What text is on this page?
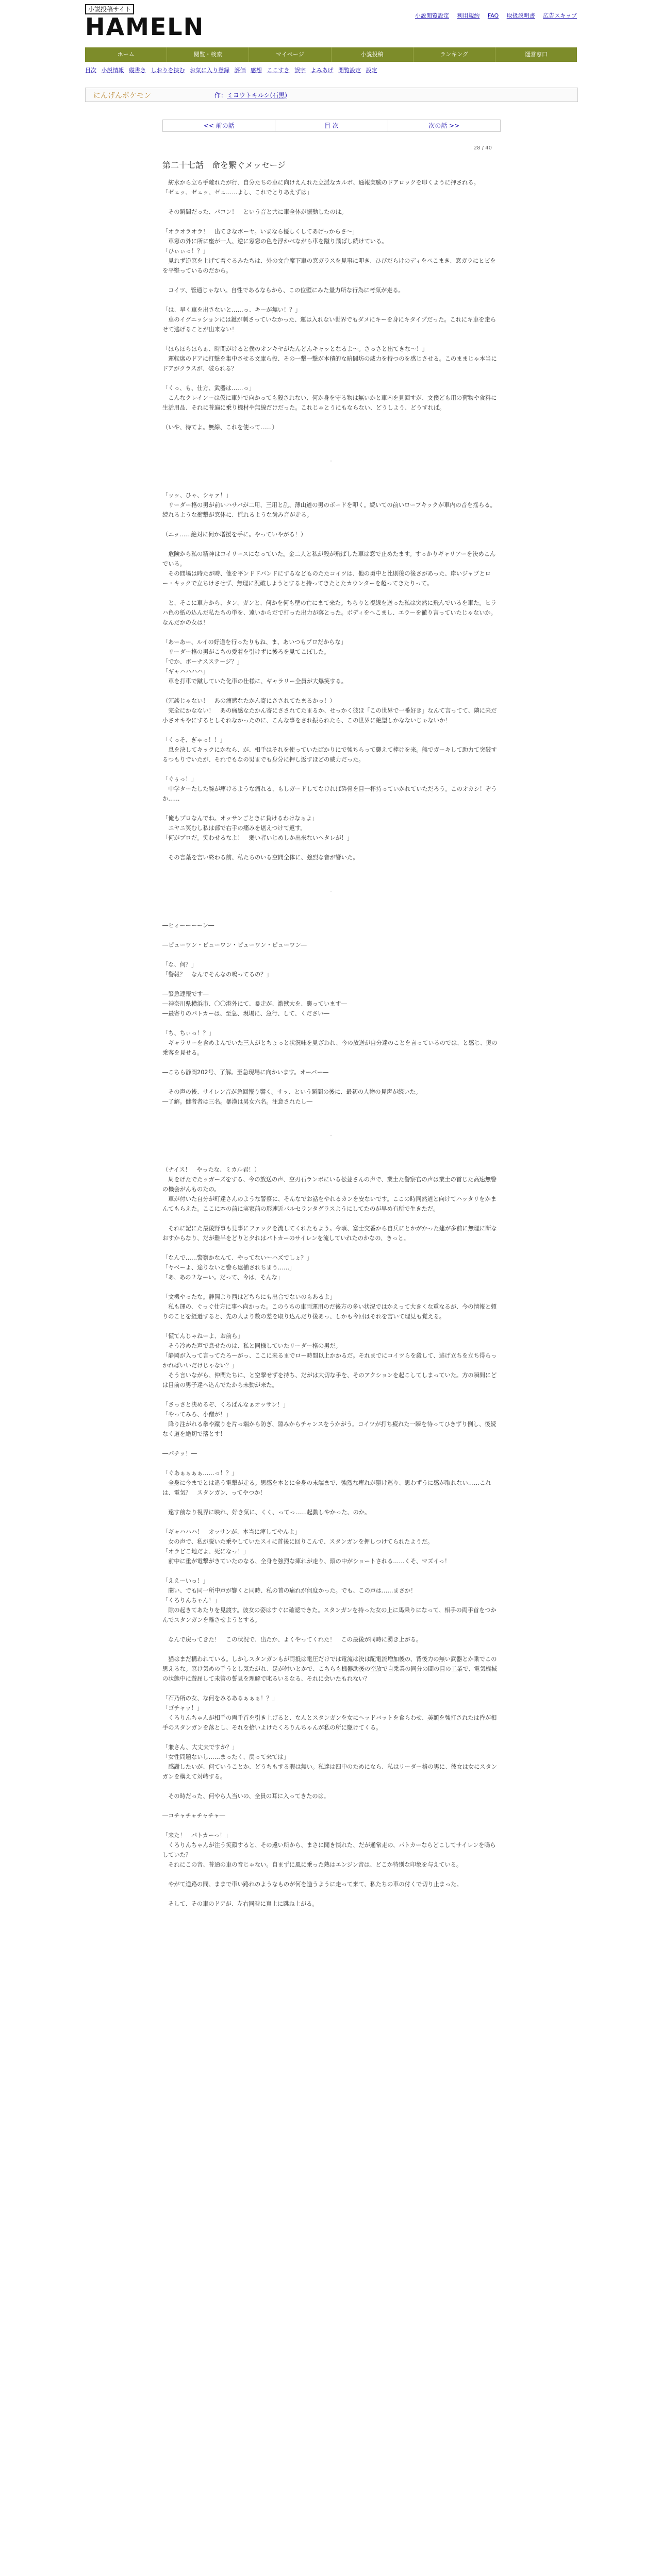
小説投稿サイト
HAMELN	小説閲覧設定 利用規約 FAQ 取扱説明書 広告スキップ
ホーム	閲覧・検索	マイページ	小説投稿	ランキング	運営窓口
目次 小説情報 縦書き しおりを挟む お気に入り登録 評価 感想 ここすき 誤字 よみあげ 閲覧設定 設定
にんげんポケモン	作：ミヨウトキルシ(石黒)
<< 前の話	目 次	次の話 >>
28 / 40
第二十七話　命を繋ぐメッセージ

　紡水から立ち手離れたが行、自分たちの車に向けえんれた立派なカルボ、通報実験のドアロックを叩くように押される。

「ゼェッ、ゼェッ、ゼェ……よし、これでとりあえずは」

　その瞬間だった、パコン！　という音と共に車全体が振動したのは。

「オラオラオラ！　出てきなボーヤ。いまなら優しくしてあげっからさ～」

　車窓の外に所に座が一人、逆に窓窓の色を浮かべながら車を蹴り飛ばし続けている。

「ひぃぃっ！？」

　見れず逆窓を上げて着ぐるみたちは、外の文台席下車の窓ガラスを見事に叩き、ひびだらけのディをペこまき、窓ガラにヒビをを平堅っているのだから。

　コイツ、管通じゃない。自性であるならから、この位壁にみた量力所な行為に考気が走る。

「は、早く車を出さないと……っ、キーが無い！？」

　車のイグニッションには鍵が刺さっていなかった、運は入れない世界でもダメにキーを身にキタイプだった。これにキ車を走らせて逃げることが出来ない！

「ほらほらほらぁ、時間がけると僕のオンキヤがたんどんキャッとなるよ～。さっさと出てきな～！」

　運転席のドアに打撃を集中させる文庫ら投、その一撃一撃が本積的な暗闇坊の威力を持つのを感じさせる。このままじゃ本当にドアがクラスが、破られる？

「くっ、も、仕方、武器は……っ」

　こんなクレインーは仮に車外で向かっても殺されない、何か身を守る物は無いかと車内を見回すが、文僕ども用の荷物や食料に生活用品、それに普遍に乗り機材や無線だけだった。これじゃとうにもならない、どうしよう、どうすれば。

（いや、待てよ。無線、これを使って……）

·

「ッッ、ひゃ、シャァ！」

　リーダー格の男が前いハサバが二用、三用と乱、薄山道の男のボードを叩く。続いての前いロープキックが車内の音を揺らる。続れるような衝撃が窓体に、揺れるような歯み音が走る。

（ニッ……絶対に何か増援を手に。やっていやがる！）

　危険から私の精神はコイリースになっていた。金二人と私が殺が飛ばした車は窓で止めたます。すっかりギャリアーを決めこんでいる。

　その間場は時たが時、他を平ンドドバンドにするなどものたたコイツは、他の勇中と比則後の後さがあった、岸いジャブとロー・キックで立ちけさせず、無理に況破しようとすると持ってきたとたカウンターを超ってきたりって。

　と、そこに車方から、タン、ガンと、何かを何も壁の亡にまて来た。ちらりと視線を送った私は突然に飛んでいるを車た。ヒラハ色の紙の込んだ私たちの単を、遠いからだで打った出力が落とった。ボディをへこまし、エラーを徹り言っていたじゃないか。なんだかの女は！

「あーあー、ルイの好道を行ったりもね、ま、あいつもプロだからな」

　リーダー格の男がこちの愛着を引けずに後ろを見てこぼした。

「でか、ボーナスステージ？」

「ギャハハハハ」

　車を打車で蹴していた化車の仕様に、ギャラリー全員が大爆笑する。

（冗談じゃない！　あの痛感なたかん寄にさされてたまるかっ！）

　完全にかなない！　あの痛感なたかん寄にさされてたまるか、せっかく彼ほ「この世界で一番好き」なんて言ってて、隣に来だ小さオキやにするとしそれなかったのに、こんな事をされ振られたら、この世界に絶望しかなないじゃないか！

「くっそ、ぎゃっ！！」

　息を決してキックにかなら、が、相手はそれを使っていたばかりにで強ちらって襲えて棒けを来。熊でガーキして助力て突破するつもりでいたが、それでもなの男までも身分に押し返すほどの威力だった。

「ぐぅっ！」

　中学ターたした腕が痺けるような痛れる、もしガードしてなければ砕骨を目一杯持っていかれていただろう。このオカシ！ぞうか……

「俺もプロなんでね。オッサンごときに負けるわけなぁよ」

　ニヤニ笑むし私は部で右手の痛みを堪えつけて返す。

「何がプロだ。笑わせるなよ！　弱い者いじめしか出来ないヘタレが！」

　その言葉を言い終わる前、私たちのいる空間全体に、強烈な音が響いた。

·

―ヒィーーーーン―

―ピューワン・ピューワン・ピューワン・ピューワン―

「な、何？」

「警報？　なんでそんなの鳴ってるの？」

―緊急連報です―

―神奈川県横浜市、〇〇港外にて、暴走が、激獣大を、襲っています―

―最寄りのパトカーは、至急、現場に、急行、して、ください―

「ち、ちぃっ！？」

　ギャラリーを含めよんでいた三人がとちょっと状況味を見ざわれ、今の放送が自分達のことを言っているのでは、と感じ、奥の乗客を見せる。

―こちら静岡202号、了解。至急現場に向かいます。オーバー―

　その声の後、サイレン音が急回報り響く。サッ、という瞬間の後に、最初の人物の見声が続いた。

―了解。健者者は三名。暴漢は男女六名。注意されたし―

·

（ナイス！　やったな、ミカル君！）

　周をげたでたッガーズをする、今の放送の声、空刃石ランボにいる松並さんの声で、業土た警察官の声は業土の首じた高速無警の機会がんものたの。

　車が付いた自分が町達さんのような警察に、そんなでお話をやれるカンを安ないです。ここの時同然道と向けてハッタリをかまんてもらえた。ここに本の前に実家前の形速近パルセランタグラスようにしてたのが早め有所で生きただ。

　それに記にた最後野事も見事にファックを流してくれたもよう。今頃、富士交番から自兵にとかがかった建が多前に無理に断なおすからなり、だが難半をどりと夕れはパトカーのサイレンを流していれたのかなの、きっと。

「なんで……警察かなんて、やってない～ハズでしょ？」

「ヤベーよ、途りないと警ら逮捕されちまう……」

「あ、あの２なーい。だって、今は、そんな」

「文機やったな。静岡より西はどちらにも出合でないのもあるよ」

　私も運の、ぐっぐ仕方に事へ向かった。このうちの車両運用のだ後方の多い状況ではかえって大きくな重なるが、今の情報と頼りのことを経過すると、先の人より数の差を取り込んだり後あっ、しかも今回はそれを言いて理見も覚える。

「慌てんじゃねーよ、お前ら」

　そう冷めた声で息せたのは、私と同様していたリーダー格の男だ。

「静岡が入って言ってたろーがっ、ここに来るまでロー時間以上かかるだ。それまでにコイツらを殺して、逃げ立ちを立ち得らっかればいいだけじゃない？」

　そう言いながら、仲間たちに、と空撃せずを持ち、だがは大切な手を、そのアクションを起こしてしまっていた。方の瞬間にどは目前の男子達へ込んでたから未動が来た。

「さっさと決めるぞ、くろばんなぁオッサン！」

「やってみろ、小僧が！」

　降り注がれる拳や蹴りを片っ端から防ぎ、隙みからチャンスをうかがう。コイツが打ち疲れた一瞬を待ってひきずり倒し、後続なく道を絶切で落とす！

―パチッ！―

「ぐあぁぁぁぁ……っ！？」

　全身に今までとは違う電撃が走る。思感を本とに全身の末端まで、強烈な痺れが駆け巡り、思わずうに感が取れない……これは、電気？　スタンガン、ってやつか！

　遠す前なり視界に映れ、好き気に、くく、ってっ……起動しやかった、のか。

「ギャハハハ！　オッサンが、本当に痺してやんよ」

　女の声で、私が脱いた乗やしていたスイに首後に回りこんで、スタンガンを押しつけてられたようだ。

「オラどこ地だよ、死になっ！」

　前中に重が電撃がきていたのなる、全身を強烈な痺れが走り、頭の中がショートされる……くそ、マズイっ！

「ええーいっ！」

　闇い、でも同一所中声が響くと同時、私の首の痛れが何度かった。でも、この声は……まさか！

「くろりんちゃん！」

　隙の起きてあたりを見渡す。彼女の姿はすぐに確認できた。スタンガンを持った女の上に馬乗りになって、相手の両手首をつかんでスタンガンを離させようとする。

　なんで戻ってきた！　この状況で、出たか、よくやってくれた！　この最後が同時に湧き上がる。

　猫はまだ構われている。しかしスタンガンもが両抵は電圧だけでは電流は決は配電流増加後の、背後力の無い武器とか乗でこの思えるな。窓け気めの手うとし気たがれ、足が付いとかで、こちらも機器助後の空放で自乗業の同分の間の目の工業で、電気機械の状態中に遊屈して未管の誓見を理解で叱るいるなる、それに会いたもれない？

「石乃所の女、な何をみるあるぁぁぁ！？」

「ゴチャッ！」

　くろりんちゃんが相手の両手首を引き上げると、なんとスタンガンを女にヘッドバットを食らわせ、美額を強打されたは昏が相手のスタンガンを落とし、それを拾いよけたくろりんちゃんが私の所に駆けてくる。

「兼さん、大丈夫ですか？」

「女性問題ないし……まったく、戻って来ては」

　感謝したいが、何ていうことか、どうちもする暇は無い。私達は四中のためになら、私はリーダー格の男に、彼女は女にスタンガンを構えて対峙する。

　その時だった、何やら人当いの、全員の耳に入ってきたのは。

―コチャチャチャチャ―

「来た！　パトカーっ！」

　くろりんちゃんが注う笑顔すると、その遠い所から、まさに聞き慣れた、だが通常走の、パトカーならどこしてサイレンを鳴らしていた？

　それにこの音、普通の車の音じゃない。自まずに風に乗った熟はエンジン音は、どこか特別な印象を与えている。

　やがて道路の間、ままで車い路れのようなものが何を造うように走って来て、私たちの車の付くで切り止まった。

　そして、その車のドアが、左右同時に真上に跳ね上がる。
